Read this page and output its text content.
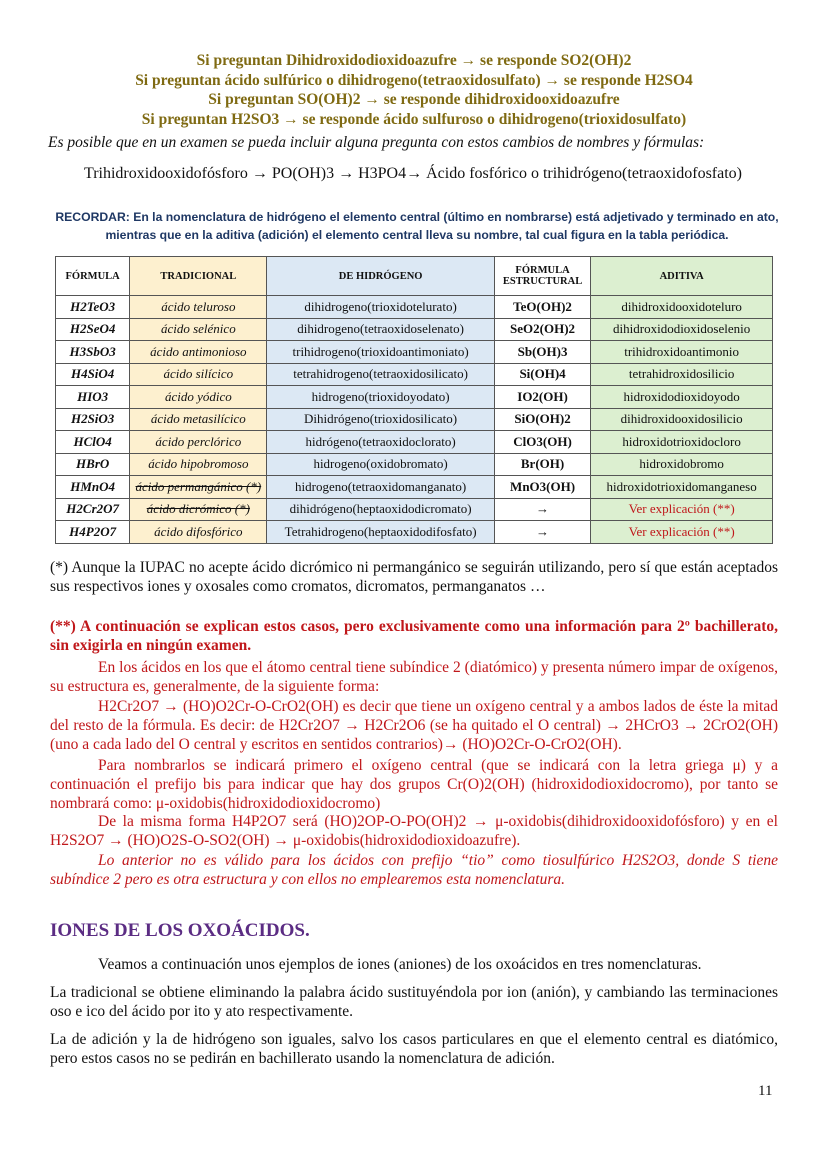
Si preguntan Dihidroxidodioxidoazufre → se responde SO2(OH)2
Si preguntan ácido sulfúrico o dihidrogeno(tetraoxidosulfato) → se responde H2SO4
Si preguntan SO(OH)2 → se responde dihidroxidooxidoazufre
Si preguntan H2SO3 → se responde ácido sulfuroso o dihidrogeno(trioxidosulfato)
Es posible que en un examen se pueda incluir alguna pregunta con estos cambios de nombres y fórmulas:
Trihidroxidooxidofósforo → PO(OH)3 → H3PO4→ Ácido fosfórico o trihidrógeno(tetraoxidofosfato)
RECORDAR: En la nomenclatura de hidrógeno el elemento central (último en nombrarse) está adjetivado y terminado en ato, mientras que en la aditiva (adición) el elemento central lleva su nombre, tal cual figura en la tabla periódica.
FÓRMULA	TRADICIONAL	DE HIDRÓGENO	FÓRMULA ESTRUCTURAL	ADITIVA
H2TeO3	ácido teluroso	dihidrogeno(trioxidotelurato)	TeO(OH)2	dihidroxidooxidoteluro
H2SeO4	ácido selénico	dihidrogeno(tetraoxidoselenato)	SeO2(OH)2	dihidroxidodioxidoselenio
H3SbO3	ácido antimonioso	trihidrogeno(trioxidoantimoniato)	Sb(OH)3	trihidroxidoantimonio
H4SiO4	ácido silícico	tetrahidrogeno(tetraoxidosilicato)	Si(OH)4	tetrahidroxidosilicio
HIO3	ácido yódico	hidrogeno(trioxidoyodato)	IO2(OH)	hidroxidodioxidoyodo
H2SiO3	ácido metasilícico	Dihidrógeno(trioxidosilicato)	SiO(OH)2	dihidroxidooxidosilicio
HClO4	ácido perclórico	hidrógeno(tetraoxidoclorato)	ClO3(OH)	hidroxidotrioxidocloro
HBrO	ácido hipobromoso	hidrogeno(oxidobromato)	Br(OH)	hidroxidobromo
HMnO4	ácido permangánico (*)	hidrogeno(tetraoxidomanganato)	MnO3(OH)	hidroxidotrioxidomanganeso
H2Cr2O7	ácido dicrómico (*)	dihidrógeno(heptaoxidodicromato)	→	Ver explicación (**)
H4P2O7	ácido difosfórico	Tetrahidrogeno(heptaoxidodifosfato)	→	Ver explicación (**)
(*) Aunque la IUPAC no acepte ácido dicrómico ni permangánico se seguirán utilizando, pero sí que están aceptados sus respectivos iones y oxosales como cromatos, dicromatos, permanganatos …
(**) A continuación se explican estos casos, pero exclusivamente como una información para 2º bachillerato, sin exigirla en ningún examen.
En los ácidos en los que el átomo central tiene subíndice 2 (diatómico) y presenta número impar de oxígenos, su estructura es, generalmente, de la siguiente forma:
H2Cr2O7 → (HO)O2Cr-O-CrO2(OH) es decir que tiene un oxígeno central y a ambos lados de éste la mitad del resto de la fórmula. Es decir: de H2Cr2O7 → H2Cr2O6 (se ha quitado el O central) → 2HCrO3 → 2CrO2(OH) (uno a cada lado del O central y escritos en sentidos contrarios)→ (HO)O2Cr-O-CrO2(OH).
Para nombrarlos se indicará primero el oxígeno central (que se indicará con la letra griega μ) y a continuación el prefijo bis para indicar que hay dos grupos Cr(O)2(OH) (hidroxidodioxidocromo), por tanto se nombrará como: μ-oxidobis(hidroxidodioxidocromo)
De la misma forma H4P2O7 será (HO)2OP-O-PO(OH)2 → μ-oxidobis(dihidroxidooxidofósforo) y en el H2S2O7 → (HO)O2S-O-SO2(OH) → μ-oxidobis(hidroxidodioxidoazufre).
Lo anterior no es válido para los ácidos con prefijo “tio” como tiosulfúrico H2S2O3, donde S tiene subíndice 2 pero es otra estructura y con ellos no emplearemos esta nomenclatura.
IONES DE LOS OXOÁCIDOS.
Veamos a continuación unos ejemplos de iones (aniones) de los oxoácidos en tres nomenclaturas.
La tradicional se obtiene eliminando la palabra ácido sustituyéndola por ion (anión), y cambiando las terminaciones oso e ico del ácido por ito y ato respectivamente.
La de adición y la de hidrógeno son iguales, salvo los casos particulares en que el elemento central es diatómico, pero estos casos no se pedirán en bachillerato usando la nomenclatura de adición.
11
